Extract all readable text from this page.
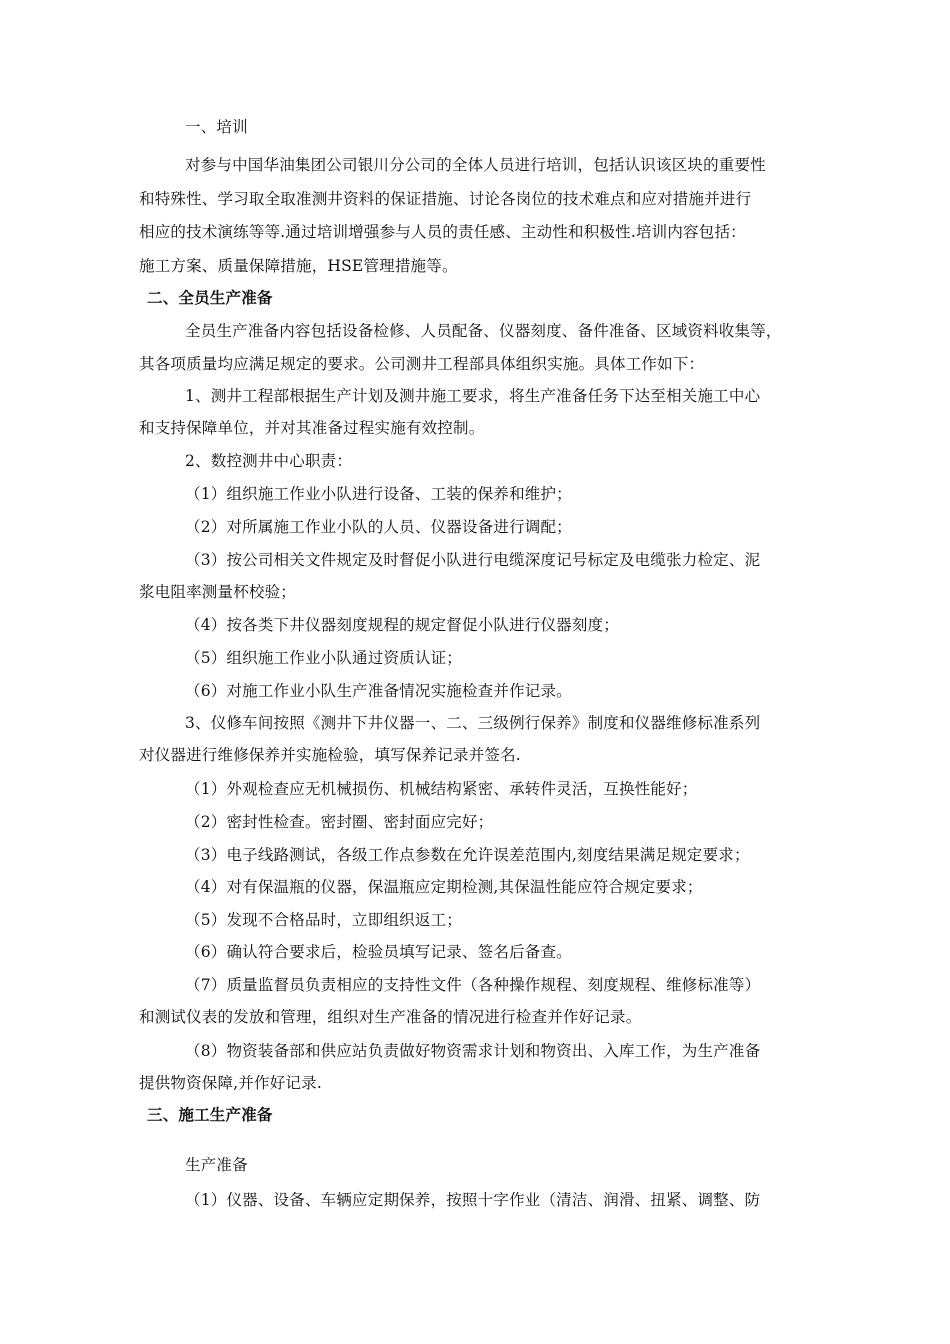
一、培训
对参与中国华油集团公司银川分公司的全体人员进行培训，包括认识该区块的重要性
和特殊性、学习取全取准测井资料的保证措施、讨论各岗位的技术难点和应对措施并进行
相应的技术演练等等.通过培训增强参与人员的责任感、主动性和积极性.培训内容包括：
施工方案、质量保障措施，HSE管理措施等。
二、全员生产准备
全员生产准备内容包括设备检修、人员配备、仪器刻度、备件准备、区域资料收集等，
其各项质量均应满足规定的要求。公司测井工程部具体组织实施。具体工作如下：
1、测井工程部根据生产计划及测井施工要求，将生产准备任务下达至相关施工中心
和支持保障单位，并对其准备过程实施有效控制。
2、数控测井中心职责：
（1）组织施工作业小队进行设备、工装的保养和维护；
（2）对所属施工作业小队的人员、仪器设备进行调配；
（3）按公司相关文件规定及时督促小队进行电缆深度记号标定及电缆张力检定、泥
浆电阻率测量杯校验；
（4）按各类下井仪器刻度规程的规定督促小队进行仪器刻度；
（5）组织施工作业小队通过资质认证；
（6）对施工作业小队生产准备情况实施检查并作记录。
3、仪修车间按照《测井下井仪器一、二、三级例行保养》制度和仪器维修标准系列
对仪器进行维修保养并实施检验，填写保养记录并签名.
（1）外观检查应无机械损伤、机械结构紧密、承转件灵活，互换性能好；
（2）密封性检查。密封圈、密封面应完好；
（3）电子线路测试，各级工作点参数在允许误差范围内,刻度结果满足规定要求；
（4）对有保温瓶的仪器，保温瓶应定期检测,其保温性能应符合规定要求；
（5）发现不合格品时，立即组织返工；
（6）确认符合要求后，检验员填写记录、签名后备查。
（7）质量监督员负责相应的支持性文件（各种操作规程、刻度规程、维修标准等）
和测试仪表的发放和管理，组织对生产准备的情况进行检查并作好记录。
（8）物资装备部和供应站负责做好物资需求计划和物资出、入库工作，为生产准备
提供物资保障,并作好记录.
三、施工生产准备
生产准备
（1）仪器、设备、车辆应定期保养，按照十字作业（清洁、润滑、扭紧、调整、防
